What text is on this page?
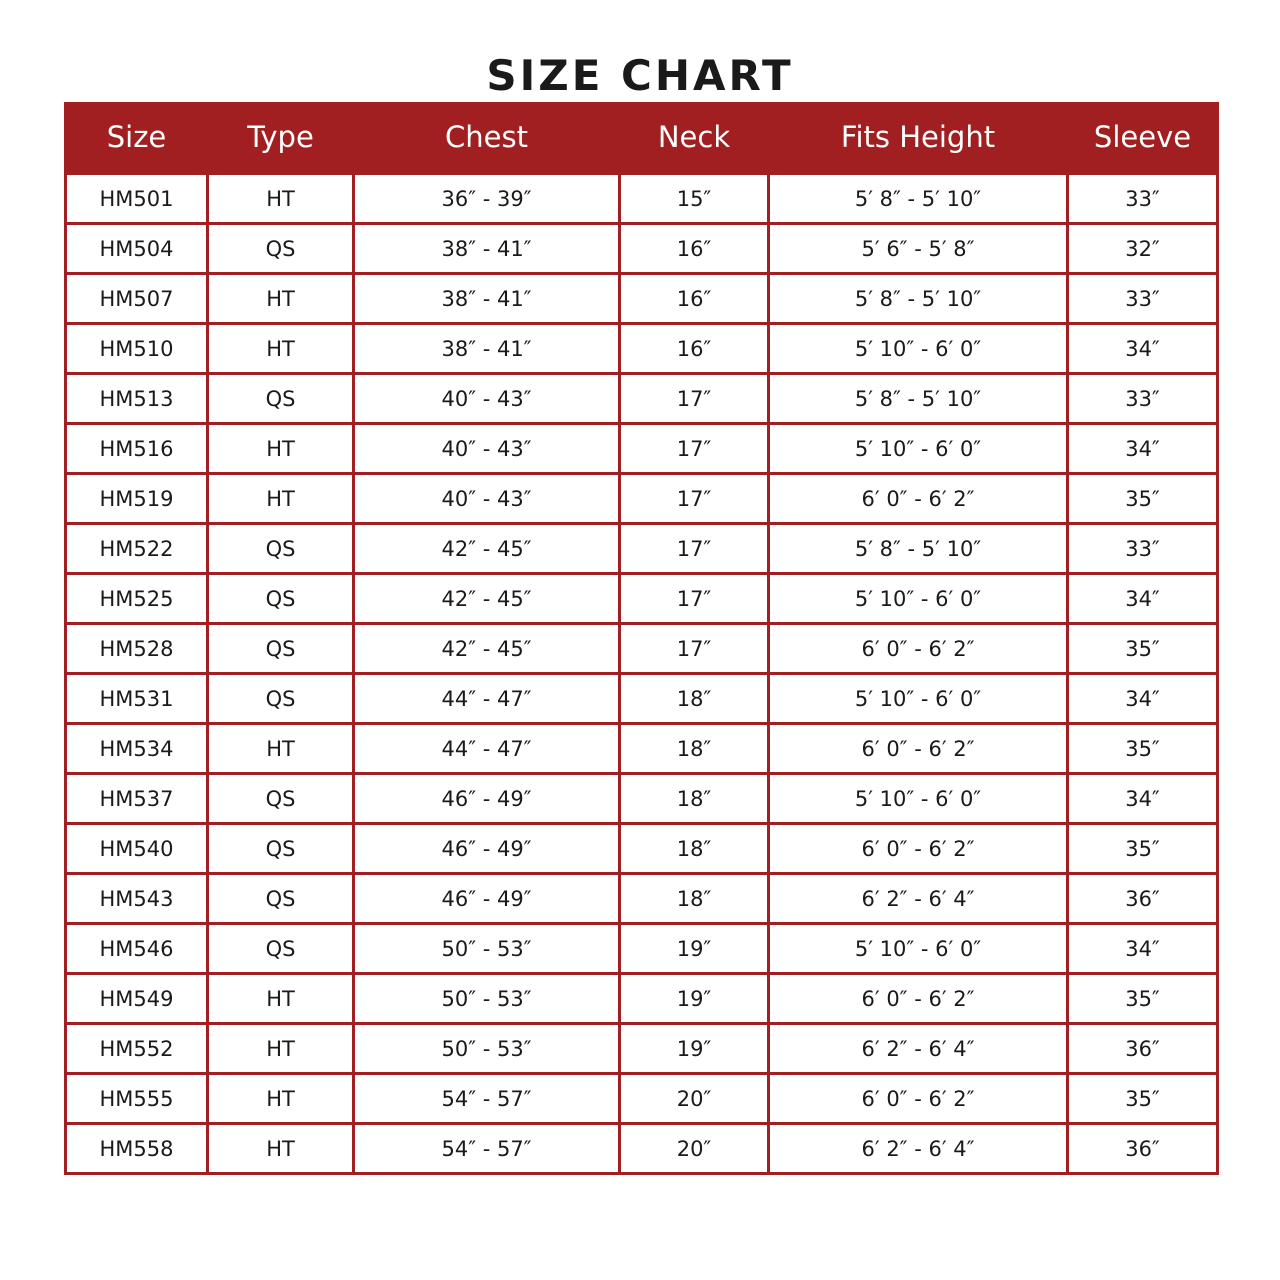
SIZE CHART
Size	Type	Chest	Neck	Fits Height	Sleeve
HM501	HT	36″ - 39″	15″	5′ 8″ - 5′ 10″	33″
HM504	QS	38″ - 41″	16″	5′ 6″ - 5′ 8″	32″
HM507	HT	38″ - 41″	16″	5′ 8″ - 5′ 10″	33″
HM510	HT	38″ - 41″	16″	5′ 10″ - 6′ 0″	34″
HM513	QS	40″ - 43″	17″	5′ 8″ - 5′ 10″	33″
HM516	HT	40″ - 43″	17″	5′ 10″ - 6′ 0″	34″
HM519	HT	40″ - 43″	17″	6′ 0″ - 6′ 2″	35″
HM522	QS	42″ - 45″	17″	5′ 8″ - 5′ 10″	33″
HM525	QS	42″ - 45″	17″	5′ 10″ - 6′ 0″	34″
HM528	QS	42″ - 45″	17″	6′ 0″ - 6′ 2″	35″
HM531	QS	44″ - 47″	18″	5′ 10″ - 6′ 0″	34″
HM534	HT	44″ - 47″	18″	6′ 0″ - 6′ 2″	35″
HM537	QS	46″ - 49″	18″	5′ 10″ - 6′ 0″	34″
HM540	QS	46″ - 49″	18″	6′ 0″ - 6′ 2″	35″
HM543	QS	46″ - 49″	18″	6′ 2″ - 6′ 4″	36″
HM546	QS	50″ - 53″	19″	5′ 10″ - 6′ 0″	34″
HM549	HT	50″ - 53″	19″	6′ 0″ - 6′ 2″	35″
HM552	HT	50″ - 53″	19″	6′ 2″ - 6′ 4″	36″
HM555	HT	54″ - 57″	20″	6′ 0″ - 6′ 2″	35″
HM558	HT	54″ - 57″	20″	6′ 2″ - 6′ 4″	36″
